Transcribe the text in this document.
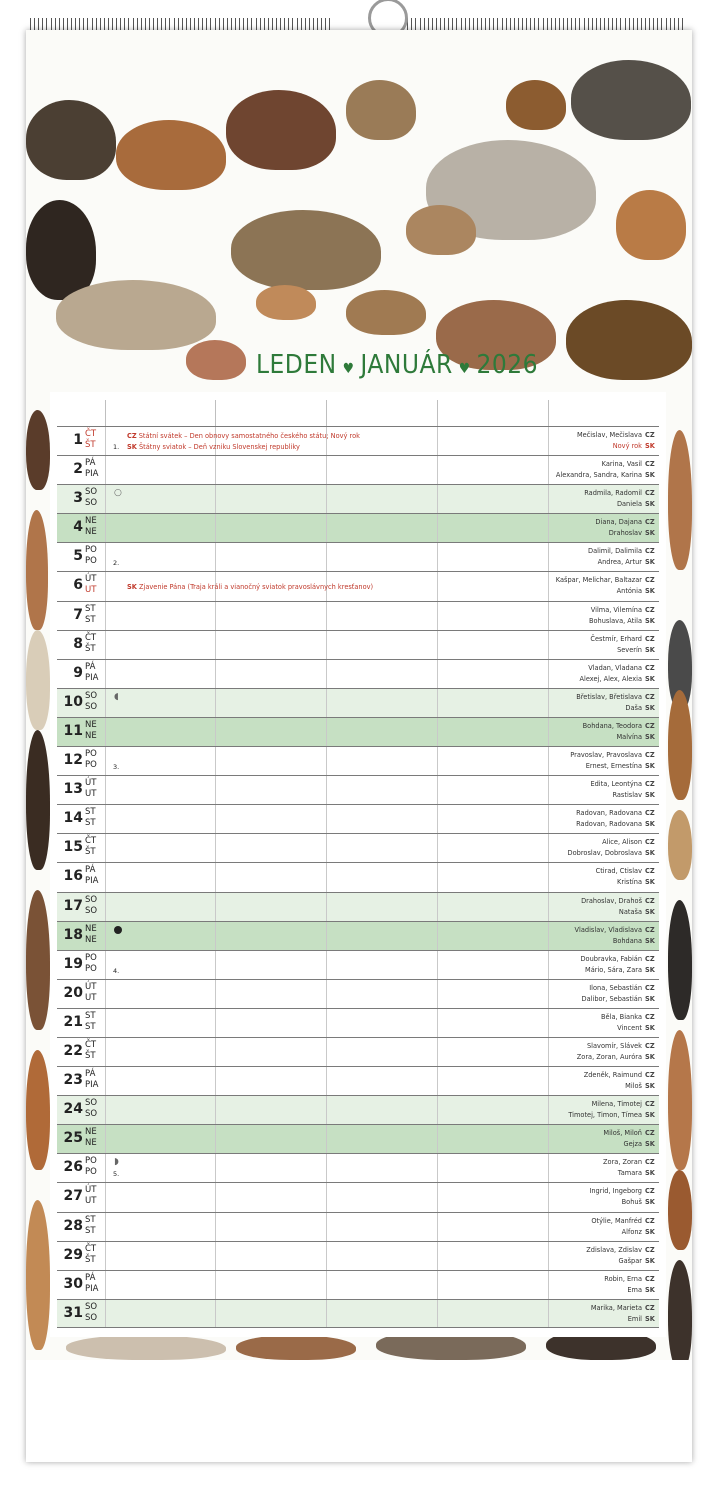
LEDEN ♥ JANUÁR ♥ 2026
1 ČT
ŠT	1.
CZ Státní svátek – Den obnovy samostatného českého státu; Nový rok
SK Štátny sviatok – Deň vzniku Slovenskej republiky
Mečislav, Mečislava CZ
Nový rok SK
2 PÁ
PIA
Karina, Vasil CZ
Alexandra, Sandra, Karina SK
3 SO
SO
○	Radmila, Radomil CZ
Daniela SK
4 NE
NE
Diana, Dajana CZ
Drahoslav SK
5 PO
PO 2.
Dalimil, Dalimila CZ
Andrea, Artur SK
6 ÚT
UT	SK Zjavenie Pána (Traja králi a vianočný sviatok pravoslávnych kresťanov)
Kašpar, Melichar, Baltazar CZ
Antónia SK
7 ST
ST
Vilma, Vilemína CZ
Bohuslava, Atila SK
8 ČT
ŠT
Čestmír, Erhard CZ
Severín SK
9 PÁ
PIA
Vladan, Vladana CZ
Alexej, Alex, Alexia SK
10 SO
SO
◖	Břetislav, Břetislava CZ
Daša SK
11 NE
NE
Bohdana, Teodora CZ
Malvína SK
12 PO
PO 3.
Pravoslav, Pravoslava CZ
Ernest, Ernestína SK
13 ÚT
UT
Edita, Leontýna CZ
Rastislav SK
14 ST
ST
Radovan, Radovana CZ
Radovan, Radovana SK
15 ČT
ŠT
Alice, Alison CZ
Dobroslav, Dobroslava SK
16 PÁ
PIA
Ctirad, Ctislav CZ
Kristína SK
17 SO
SO
Drahoslav, Drahoš CZ
Nataša SK
18 NE
NE
Vladislav, Vladislava CZ
Bohdana SK
19 PO
PO 4.
Doubravka, Fabián CZ
Mário, Sára, Zara SK
20 ÚT
UT
Ilona, Sebastián CZ
Dalibor, Sebastián SK
21 ST
ST
Běla, Bianka CZ
Vincent SK
22 ČT
ŠT
Slavomír, Slávek CZ
Zora, Zoran, Auróra SK
23 PÁ
PIA
Zdeněk, Raimund CZ
Miloš SK
24 SO
SO
Milena, Timotej CZ
Timotej, Timon, Tímea SK
25 NE
NE
Miloš, Miloň CZ
Gejza SK
26 PO
PO 5.
◗	Zora, Zoran CZ
Tamara SK
27 ÚT
UT
Ingrid, Ingeborg CZ
Bohuš SK
28 ST
ST
Otýlie, Manfréd CZ
Alfonz SK
29 ČT
ŠT
Zdislava, Zdislav CZ
Gašpar SK
30 PÁ
PIA
Robin, Erna CZ
Ema SK
31 SO
SO
Marika, Marieta CZ
Emil SK
